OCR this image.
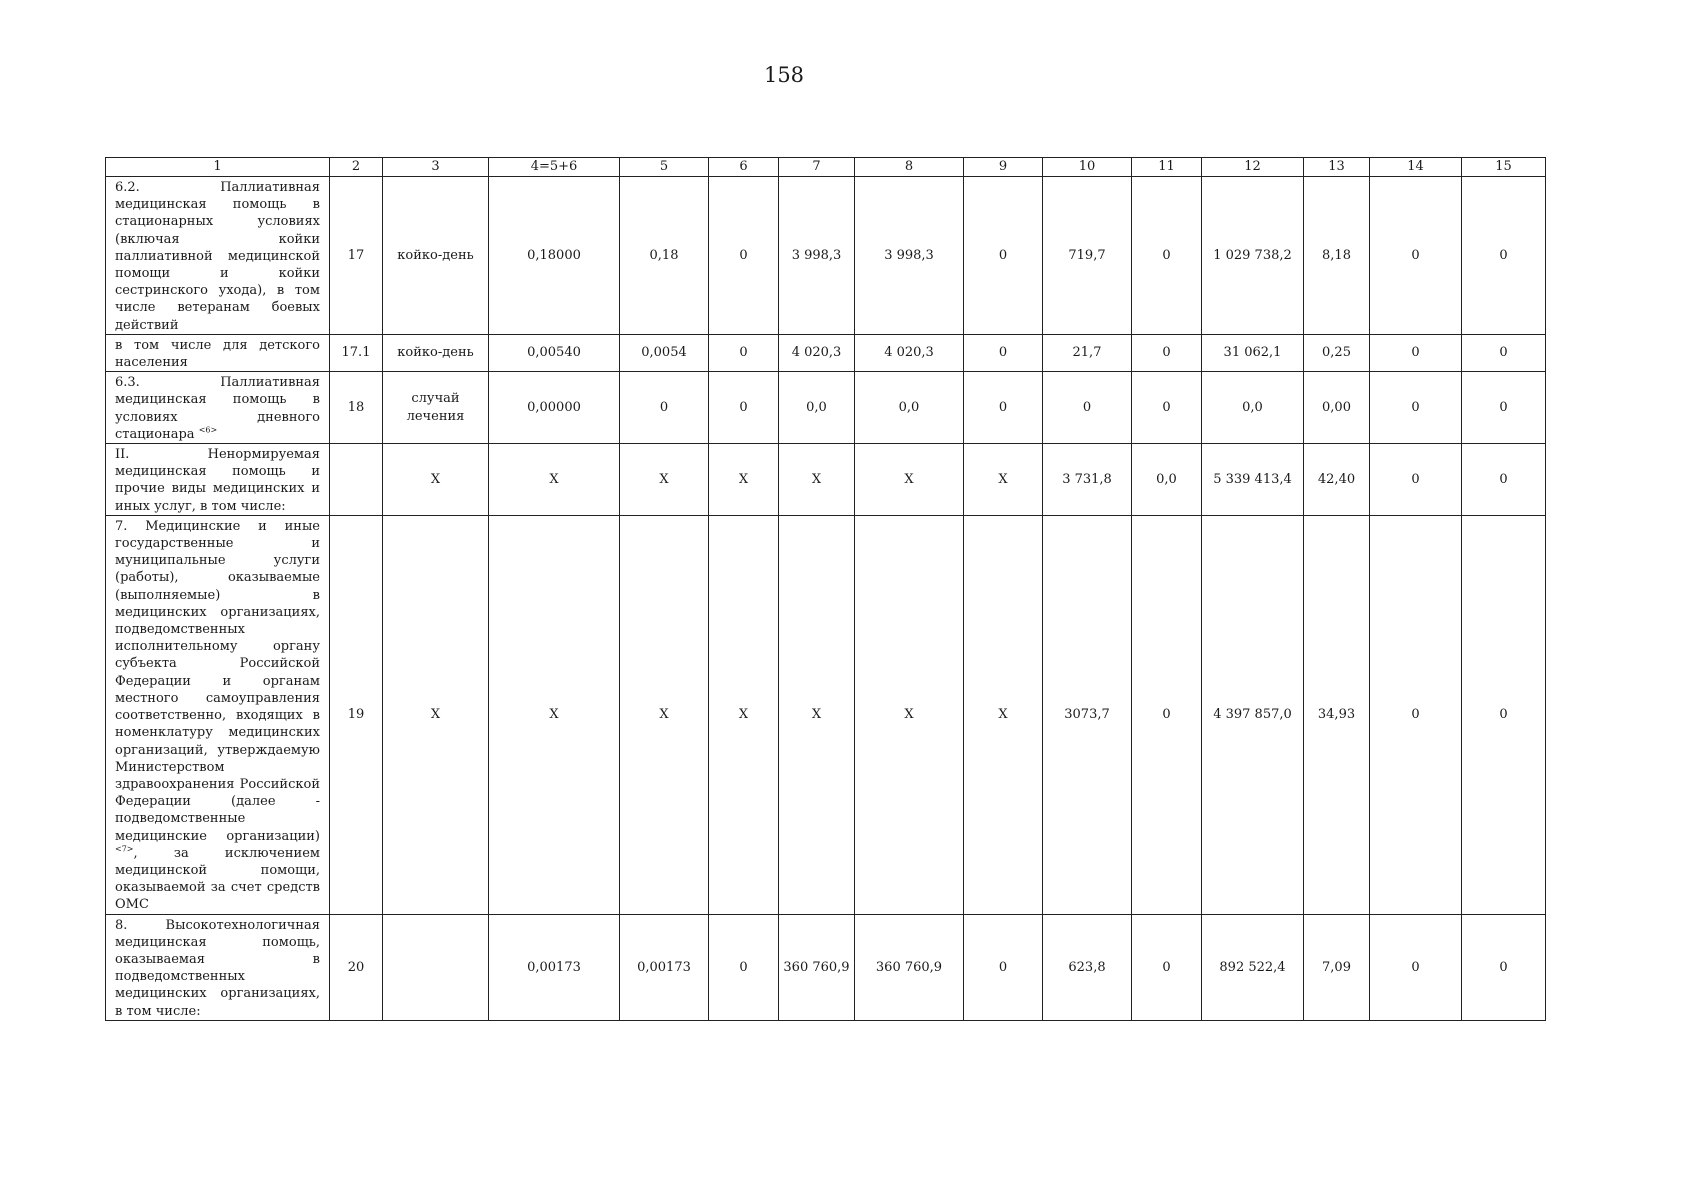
158
1	2	3	4=5+6	5	6	7	8	9	10	11	12	13	14	15
6.2. Паллиативная медицинская помощь в стационарных условиях (включая койки паллиативной медицинской помощи и койки сестринского ухода), в том числе ветеранам боевых действий	17	койко-день	0,18000	0,18	0	3 998,3	3 998,3	0	719,7	0	1 029 738,2	8,18	0	0
в том числе для детского населения	17.1	койко-день	0,00540	0,0054	0	4 020,3	4 020,3	0	21,7	0	31 062,1	0,25	0	0
6.3. Паллиативная медицинская помощь в условиях дневного стационара $^{<6>}$	18	случай лечения	0,00000	0	0	0,0	0,0	0	0	0	0,0	0,00	0	0
II. Ненормируемая медицинская помощь и прочие виды медицинских и иных услуг, в том числе:		X	X	X	X	X	X	X	3 731,8	0,0	5 339 413,4	42,40	0	0
7. Медицинские и иные государственные и муниципальные услуги (работы), оказываемые (выполняемые) в медицинских организациях, подведомственных исполнительному органу субъекта Российской Федерации и органам местного самоуправления соответственно, входящих в номенклатуру медицинских организаций, утверждаемую Министерством здравоохранения Российской Федерации (далее - подведомственные медицинские организации) $^{<7>}$, за исключением медицинской помощи, оказываемой за счет средств ОМС	19	X	X	X	X	X	X	X	3073,7	0	4 397 857,0	34,93	0	0
8. Высокотехнологичная медицинская помощь, оказываемая в подведомственных медицинских организациях, в том числе:	20		0,00173	0,00173	0	360 760,9	360 760,9	0	623,8	0	892 522,4	7,09	0	0
